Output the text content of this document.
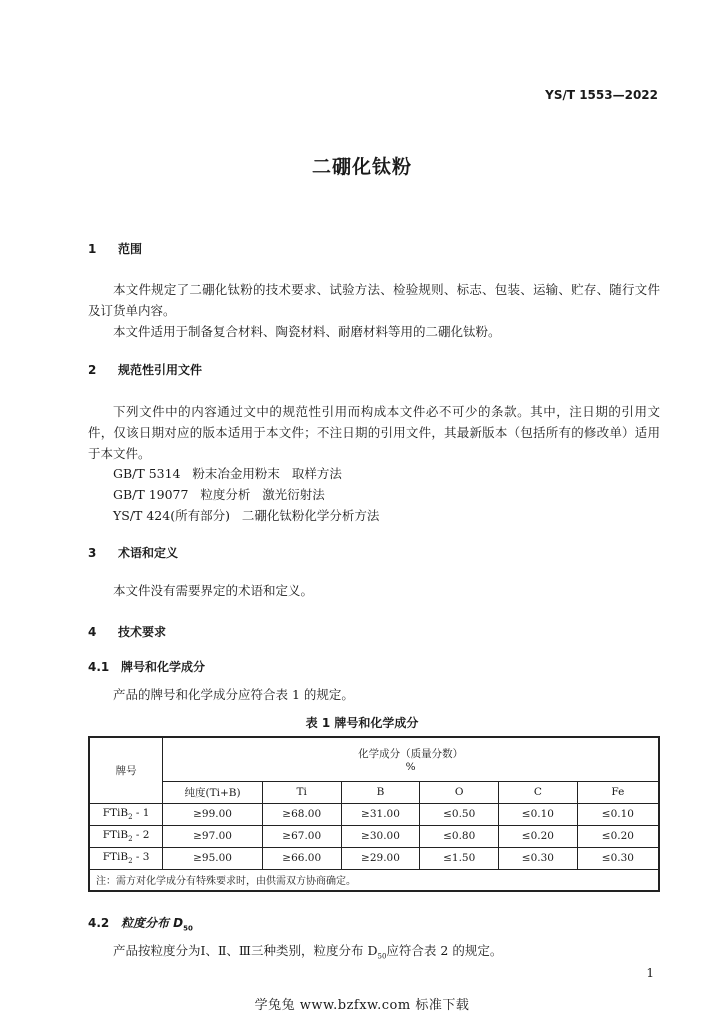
YS/T 1553—2022
二硼化钛粉
1 范围
本文件规定了二硼化钛粉的技术要求、试验方法、检验规则、标志、包装、运输、贮存、随行文件及订货单内容。
本文件适用于制备复合材料、陶瓷材料、耐磨材料等用的二硼化钛粉。
2 规范性引用文件
下列文件中的内容通过文中的规范性引用而构成本文件必不可少的条款。其中，注日期的引用文件，仅该日期对应的版本适用于本文件；不注日期的引用文件，其最新版本（包括所有的修改单）适用于本文件。
GB/T 5314   粉末冶金用粉末   取样方法
GB/T 19077   粒度分析   激光衍射法
YS/T 424(所有部分)   二硼化钛粉化学分析方法
3 术语和定义
本文件没有需要界定的术语和定义。
4 技术要求
4.1 牌号和化学成分
产品的牌号和化学成分应符合表 1 的规定。
表 1 牌号和化学成分
牌号	化学成分（质量分数）
%					

	纯度(Ti+B)	Ti	B	O	C	Fe
FTiB$_2$ - 1	≥99.00	≥68.00	≥31.00	≤0.50	≤0.10	≤0.10
FTiB$_2$ - 2	≥97.00	≥67.00	≥30.00	≤0.80	≤0.20	≤0.20
FTiB$_2$ - 3	≥95.00	≥66.00	≥29.00	≤1.50	≤0.30	≤0.30
注：需方对化学成分有特殊要求时，由供需双方协商确定。						
4.2 粒度分布 $D_{50}$
产品按粒度分为Ⅰ、Ⅱ、Ⅲ三种类别，粒度分布 $D_{50}$应符合表 2 的规定。
1
学兔兔 www.bzfxw.com 标准下载
